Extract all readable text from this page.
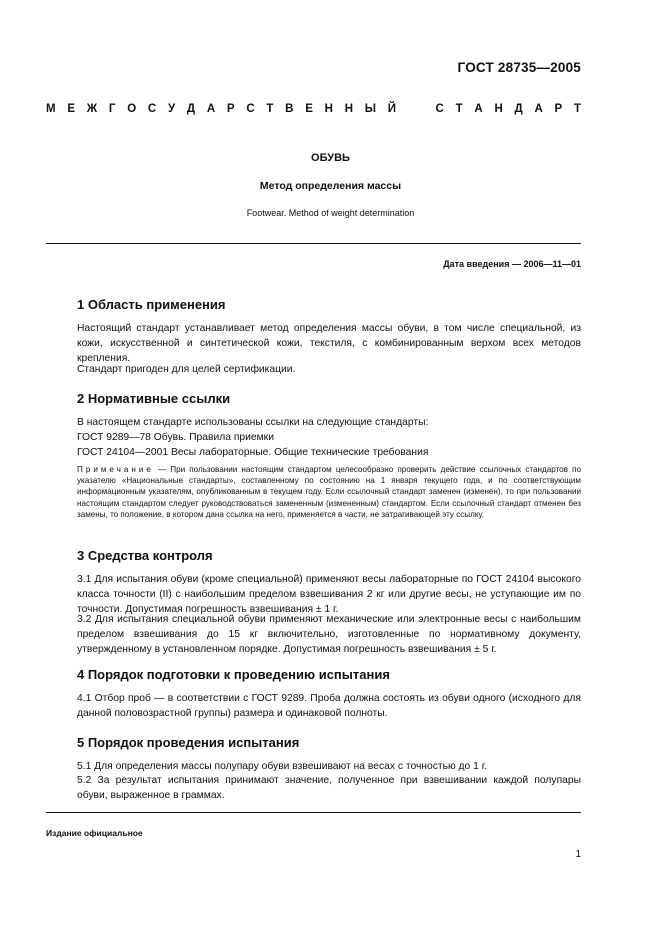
ГОСТ 28735—2005
М Е Ж Г О С У Д А Р С Т В Е Н Н Ы Й	С Т А Н Д А Р Т
ОБУВЬ
Метод определения массы
Footwear. Method of weight determination
Дата введения — 2006—11—01
1 Область применения
Настоящий стандарт устанавливает метод определения массы обуви, в том числе специальной, из кожи, искусственной и синтетической кожи, текстиля, с комбинированным верхом всех методов крепления.
Стандарт пригоден для целей сертификации.
2 Нормативные ссылки
В настоящем стандарте использованы ссылки на следующие стандарты:
ГОСТ 9289—78 Обувь. Правила приемки
ГОСТ 24104—2001 Весы лабораторные. Общие технические требования
Примечание — При пользовании настоящим стандартом целесообразно проверить действие ссылочных стандартов по указателю «Национальные стандарты», составленному по состоянию на 1 января текущего года, и по соответствующим информационным указателям, опубликованным в текущем году. Если ссылочный стандарт заменен (изменен), то при пользовании настоящим стандартом следует руководствоваться замененным (измененным) стандартом. Если ссылочный стандарт отменен без замены, то положение, в котором дана ссылка на него, применяется в части, не затрагивающей эту ссылку.
3 Средства контроля
3.1 Для испытания обуви (кроме специальной) применяют весы лабораторные по ГОСТ 24104 высокого класса точности (II) с наибольшим пределом взвешивания 2 кг или другие весы, не уступающие им по точности. Допустимая погрешность взвешивания ± 1 г.
3.2 Для испытания специальной обуви применяют механические или электронные весы с наибольшим пределом взвешивания до 15 кг включительно, изготовленные по нормативному документу, утвержденному в установленном порядке. Допустимая погрешность взвешивания ± 5 г.
4 Порядок подготовки к проведению испытания
4.1 Отбор проб — в соответствии с ГОСТ 9289. Проба должна состоять из обуви одного (исходного для данной половозрастной группы) размера и одинаковой полноты.
5 Порядок проведения испытания
5.1 Для определения массы полупару обуви взвешивают на весах с точностью до 1 г.
5.2 За результат испытания принимают значение, полученное при взвешивании каждой полупары обуви, выраженное в граммах.
Издание официальное
1
